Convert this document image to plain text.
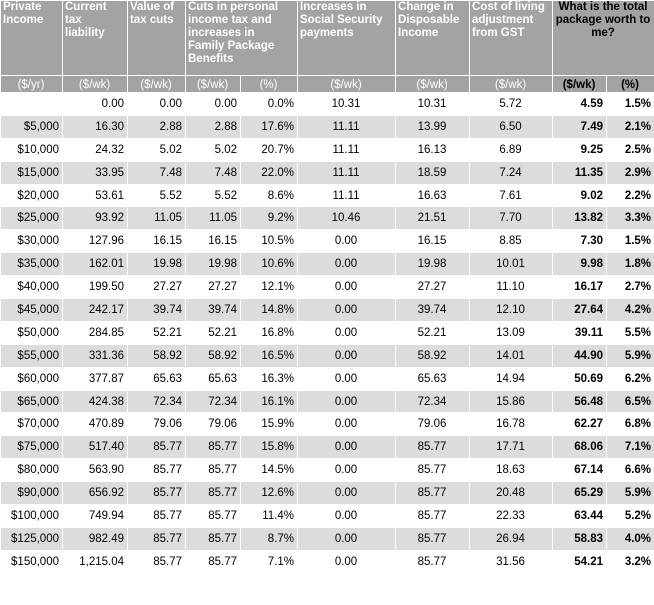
Private Income	Current tax liability	Value of tax cuts	Cuts in personal income tax and increases in Family Package Benefits		Increases in Social Security payments	Change in Disposable Income	Cost of living adjustment from GST	What is the total package worth to me?	
($/yr)	($/wk)	($/wk)	($/wk)	(%)	($/wk)	($/wk)	($/wk)	($/wk)	(%)
	0.00	0.00	0.00	0.0%	10.31	10.31	5.72	4.59	1.5%
$5,000	16.30	2.88	2.88	17.6%	11.11	13.99	6.50	7.49	2.1%
$10,000	24.32	5.02	5.02	20.7%	11.11	16.13	6.89	9.25	2.5%
$15,000	33.95	7.48	7.48	22.0%	11.11	18.59	7.24	11.35	2.9%
$20,000	53.61	5.52	5.52	8.6%	11.11	16.63	7.61	9.02	2.2%
$25,000	93.92	11.05	11.05	9.2%	10.46	21.51	7.70	13.82	3.3%
$30,000	127.96	16.15	16.15	10.5%	0.00	16.15	8.85	7.30	1.5%
$35,000	162.01	19.98	19.98	10.6%	0.00	19.98	10.01	9.98	1.8%
$40,000	199.50	27.27	27.27	12.1%	0.00	27.27	11.10	16.17	2.7%
$45,000	242.17	39.74	39.74	14.8%	0.00	39.74	12.10	27.64	4.2%
$50,000	284.85	52.21	52.21	16.8%	0.00	52.21	13.09	39.11	5.5%
$55,000	331.36	58.92	58.92	16.5%	0.00	58.92	14.01	44.90	5.9%
$60,000	377.87	65.63	65.63	16.3%	0.00	65.63	14.94	50.69	6.2%
$65,000	424.38	72.34	72.34	16.1%	0.00	72.34	15.86	56.48	6.5%
$70,000	470.89	79.06	79.06	15.9%	0.00	79.06	16.78	62.27	6.8%
$75,000	517.40	85.77	85.77	15.8%	0.00	85.77	17.71	68.06	7.1%
$80,000	563.90	85.77	85.77	14.5%	0.00	85.77	18.63	67.14	6.6%
$90,000	656.92	85.77	85.77	12.6%	0.00	85.77	20.48	65.29	5.9%
$100,000	749.94	85.77	85.77	11.4%	0.00	85.77	22.33	63.44	5.2%
$125,000	982.49	85.77	85.77	8.7%	0.00	85.77	26.94	58.83	4.0%
$150,000	1,215.04	85.77	85.77	7.1%	0.00	85.77	31.56	54.21	3.2%
